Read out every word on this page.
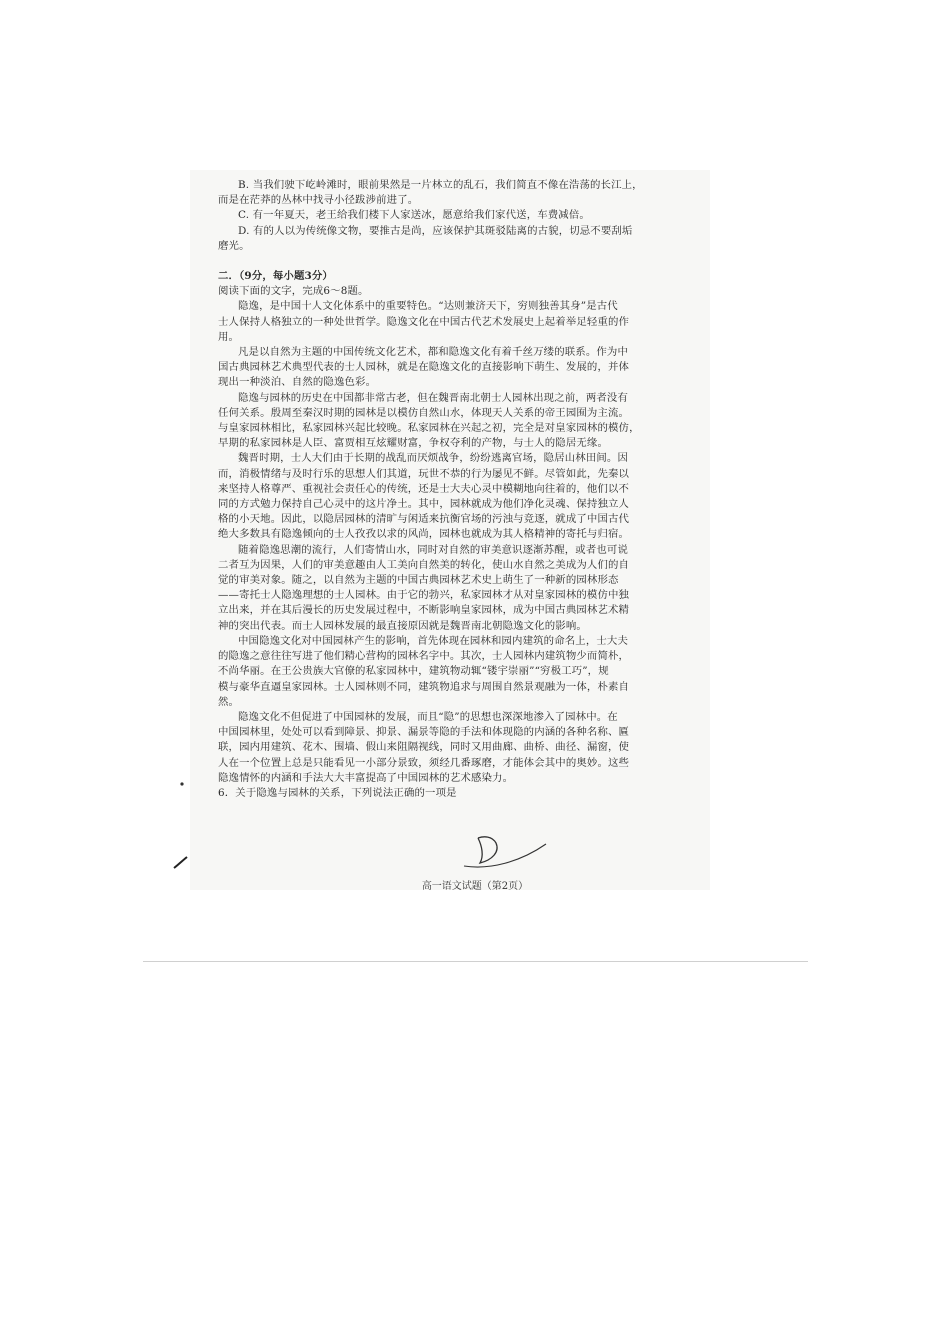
B. 当我们驶下屹岭滩时，眼前果然是一片林立的乱石，我们简直不像在浩荡的长江上，
而是在茫莽的丛林中找寻小径跋涉前进了。
C. 有一年夏天，老王给我们楼下人家送冰，愿意给我们家代送，车费减倍。
D. 有的人以为传统像文物，要推古是尚，应该保护其斑驳陆离的古貌，切忌不要刮垢
磨光。
二．（9分，每小题3分）
阅读下面的文字，完成6～8题。
隐逸，是中国十人文化体系中的重要特色。“达则兼济天下，穷则独善其身”是古代
士人保持人格独立的一种处世哲学。隐逸文化在中国古代艺术发展史上起着举足轻重的作
用。
凡是以自然为主题的中国传统文化艺术，都和隐逸文化有着千丝万缕的联系。作为中
国古典园林艺术典型代表的士人园林，就是在隐逸文化的直接影响下萌生、发展的，并体
现出一种淡泊、自然的隐逸色彩。
隐逸与园林的历史在中国都非常古老，但在魏晋南北朝士人园林出现之前，两者没有
任何关系。殷周至秦汉时期的园林是以模仿自然山水，体现天人关系的帝王园囿为主流。
与皇家园林相比，私家园林兴起比较晚。私家园林在兴起之初，完全是对皇家园林的模仿，
早期的私家园林是人臣、富贾相互炫耀财富，争权夺利的产物，与士人的隐居无缘。
魏晋时期，士人大们由于长期的战乱而厌烦战争，纷纷逃离官场，隐居山林田间。因
而，消极情绪与及时行乐的思想人们其道，玩世不恭的行为屡见不鲜。尽管如此，先秦以
来坚持人格尊严、重视社会责任心的传统，还是士大夫心灵中模糊地向往着的，他们以不
同的方式勉力保持自己心灵中的这片净土。其中，园林就成为他们净化灵魂、保持独立人
格的小天地。因此，以隐居园林的清旷与闲适来抗衡官场的污浊与竞逐，就成了中国古代
绝大多数具有隐逸倾向的士人孜孜以求的风尚，园林也就成为其人格精神的寄托与归宿。
随着隐逸思潮的流行，人们寄情山水，同时对自然的审美意识逐渐苏醒，或者也可说
二者互为因果，人们的审美意趣由人工美向自然美的转化，使山水自然之美成为人们的自
觉的审美对象。随之，以自然为主题的中国古典园林艺术史上萌生了一种新的园林形态
——寄托士人隐逸理想的士人园林。由于它的勃兴，私家园林才从对皇家园林的模仿中独
立出来，并在其后漫长的历史发展过程中，不断影响皇家园林，成为中国古典园林艺术精
神的突出代表。而士人园林发展的最直接原因就是魏晋南北朝隐逸文化的影响。
中国隐逸文化对中国园林产生的影响，首先体现在园林和园内建筑的命名上，士大夫
的隐逸之意往往写进了他们精心营构的园林名字中。其次，士人园林内建筑物少而简朴，
不尚华丽。在王公贵族大官僚的私家园林中，建筑物动辄“镂宇崇丽”“穷极工巧”，规
模与豪华直逼皇家园林。士人园林则不同，建筑物追求与周围自然景观融为一体，朴素自
然。
隐逸文化不但促进了中国园林的发展，而且“隐”的思想也深深地渗入了园林中。在
中国园林里，处处可以看到障景、抑景、漏景等隐的手法和体现隐的内涵的各种名称、匾
联，园内用建筑、花木、围墙、假山来阻隔视线，同时又用曲廊、曲桥、曲径、漏窗，使
人在一个位置上总是只能看见一小部分景致，须经几番琢磨，才能体会其中的奥妙。这些
隐逸情怀的内涵和手法大大丰富提高了中国园林的艺术感染力。
6．关于隐逸与园林的关系，下列说法正确的一项是
高一语文试题（第2页）
